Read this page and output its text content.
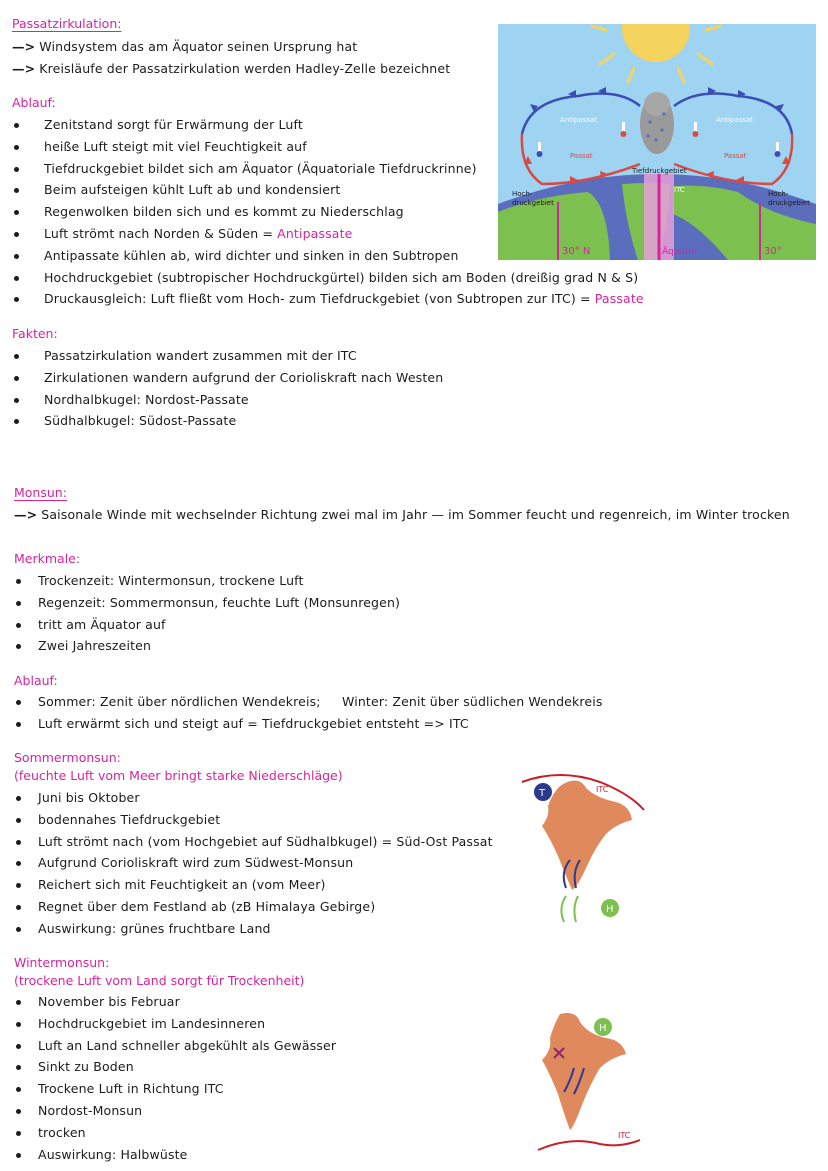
Passatzirkulation:
—> Windsystem das am Äquator seinen Ursprung hat
—> Kreisläufe der Passatzirkulation werden Hadley-Zelle bezeichnet
Ablauf:
Zenitstand sorgt für Erwärmung der Luft
heiße Luft steigt mit viel Feuchtigkeit auf
Tiefdruckgebiet bildet sich am Äquator (Äquatoriale Tiefdruckrinne)
Beim aufsteigen kühlt Luft ab und kondensiert
Regenwolken bilden sich und es kommt zu Niederschlag
Luft strömt nach Norden & Süden = Antipassate
Antipassate kühlen ab, wird dichter und sinken in den Subtropen
Hochdruckgebiet (subtropischer Hochdruckgürtel) bilden sich am Boden (dreißig grad N & S)
Druckausgleich: Luft fließt vom Hoch- zum Tiefdruckgebiet (von Subtropen zur ITC) = Passate
Fakten:
Passatzirkulation wandert zusammen mit der ITC
Zirkulationen wandern aufgrund der Corioliskraft nach Westen
Nordhalbkugel: Nordost-Passate
Südhalbkugel: Südost-Passate
Antipassat	Antipassat
Passat	Passat
Tiefdruckgebiet
Hoch-
druckgebiet
Hoch-
druckgebiet
ITC
30° N	30°
Äquator
Monsun:
—> Saisonale Winde mit wechselnder Richtung zwei mal im Jahr — im Sommer feucht und regenreich, im Winter trocken
Merkmale:
Trockenzeit: Wintermonsun, trockene Luft
Regenzeit: Sommermonsun, feuchte Luft (Monsunregen)
tritt am Äquator auf
Zwei Jahreszeiten
Ablauf:
Sommer: Zenit über nördlichen Wendekreis; Winter: Zenit über südlichen Wendekreis
Luft erwärmt sich und steigt auf = Tiefdruckgebiet entsteht => ITC
Sommermonsun:
(feuchte Luft vom Meer bringt starke Niederschläge)
Juni bis Oktober
bodennahes Tiefdruckgebiet
Luft strömt nach (vom Hochgebiet auf Südhalbkugel) = Süd-Ost Passat
Aufgrund Corioliskraft wird zum Südwest-Monsun
Reichert sich mit Feuchtigkeit an (vom Meer)
Regnet über dem Festland ab (zB Himalaya Gebirge)
Auswirkung: grünes fruchtbare Land
Wintermonsun:
(trockene Luft vom Land sorgt für Trockenheit)
November bis Februar
Hochdruckgebiet im Landesinneren
Luft an Land schneller abgekühlt als Gewässer
Sinkt zu Boden
Trockene Luft in Richtung ITC
Nordost-Monsun
trocken
Auswirkung: Halbwüste
ITC
T
H
H
ITC
